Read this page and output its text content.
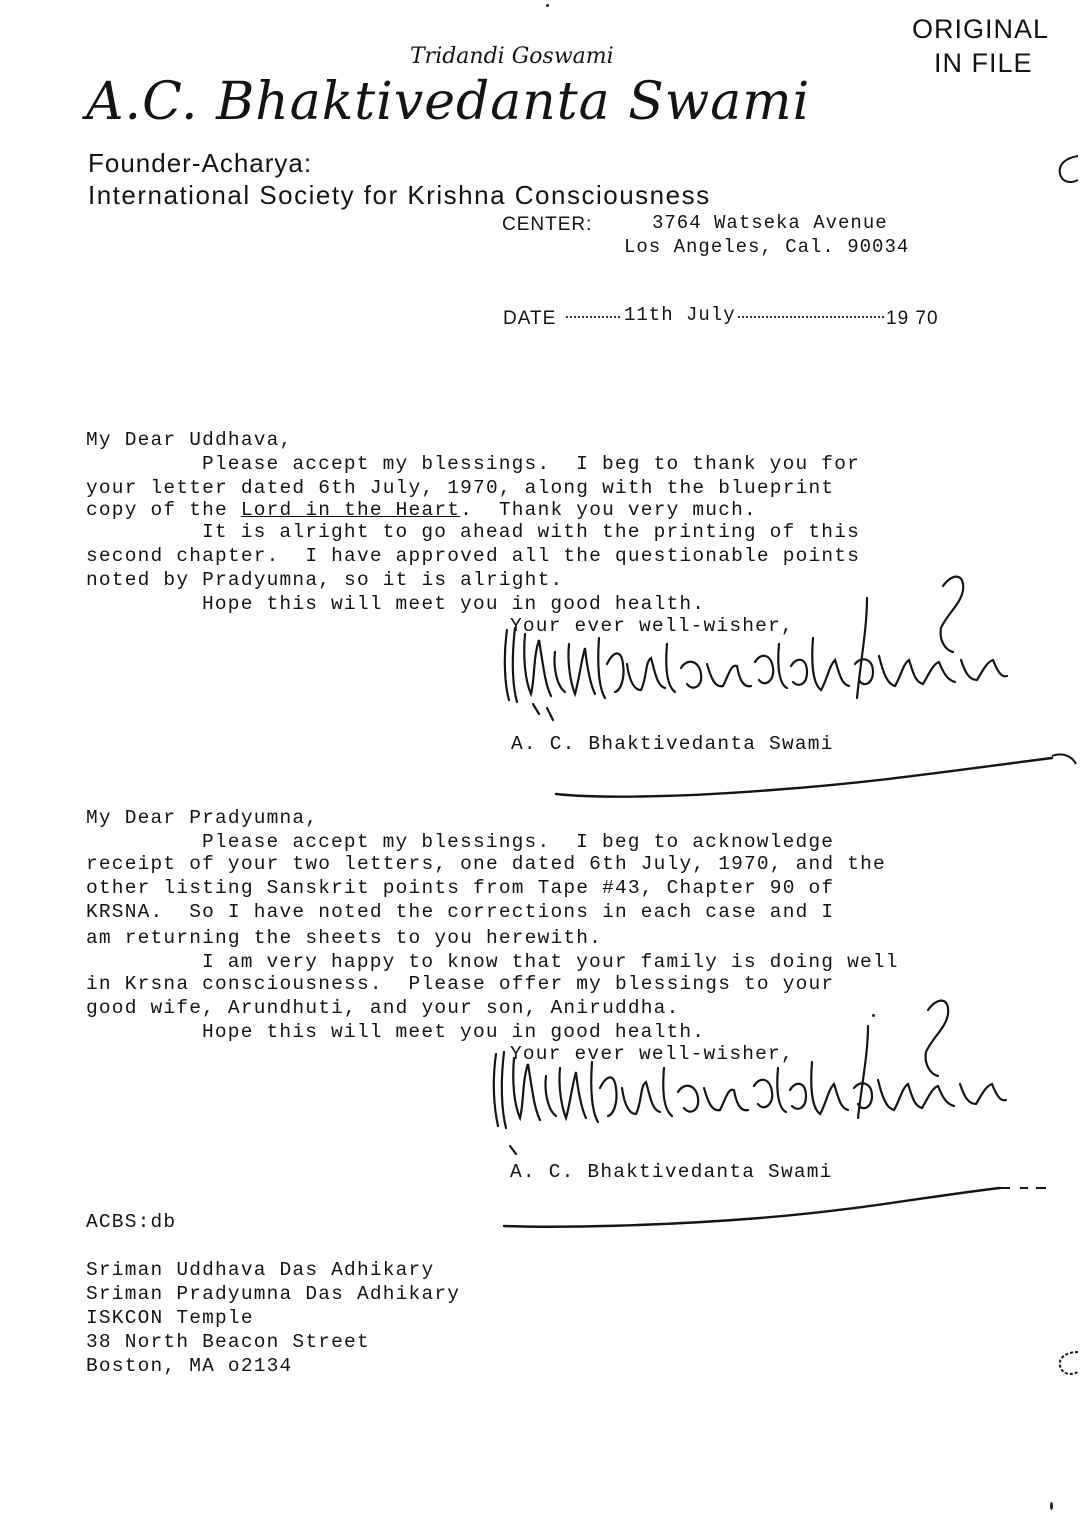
ORIGINAL
IN FILE
Tridandi Goswami
A.C. Bhaktivedanta Swami
Founder-Acharya:
International Society for Krishna Consciousness
CENTER:	3764 Watseka Avenue
Los Angeles, Cal. 90034
DATE	11th July	19 70
My Dear Uddhava,
Please accept my blessings.  I beg to thank you for
your letter dated 6th July, 1970, along with the blueprint
copy of the Lord in the Heart.  Thank you very much.
It is alright to go ahead with the printing of this
second chapter.  I have approved all the questionable points
noted by Pradyumna, so it is alright.
Hope this will meet you in good health.
Your ever well-wisher,
A. C. Bhaktivedanta Swami
My Dear Pradyumna,
Please accept my blessings.  I beg to acknowledge
receipt of your two letters, one dated 6th July, 1970, and the
other listing Sanskrit points from Tape #43, Chapter 90 of
KRSNA.  So I have noted the corrections in each case and I
am returning the sheets to you herewith.
I am very happy to know that your family is doing well
in Krsna consciousness.  Please offer my blessings to your
good wife, Arundhuti, and your son, Aniruddha.
Hope this will meet you in good health.
Your ever well-wisher,
A. C. Bhaktivedanta Swami
ACBS:db
Sriman Uddhava Das Adhikary
Sriman Pradyumna Das Adhikary
ISKCON Temple
38 North Beacon Street
Boston, MA o2134
